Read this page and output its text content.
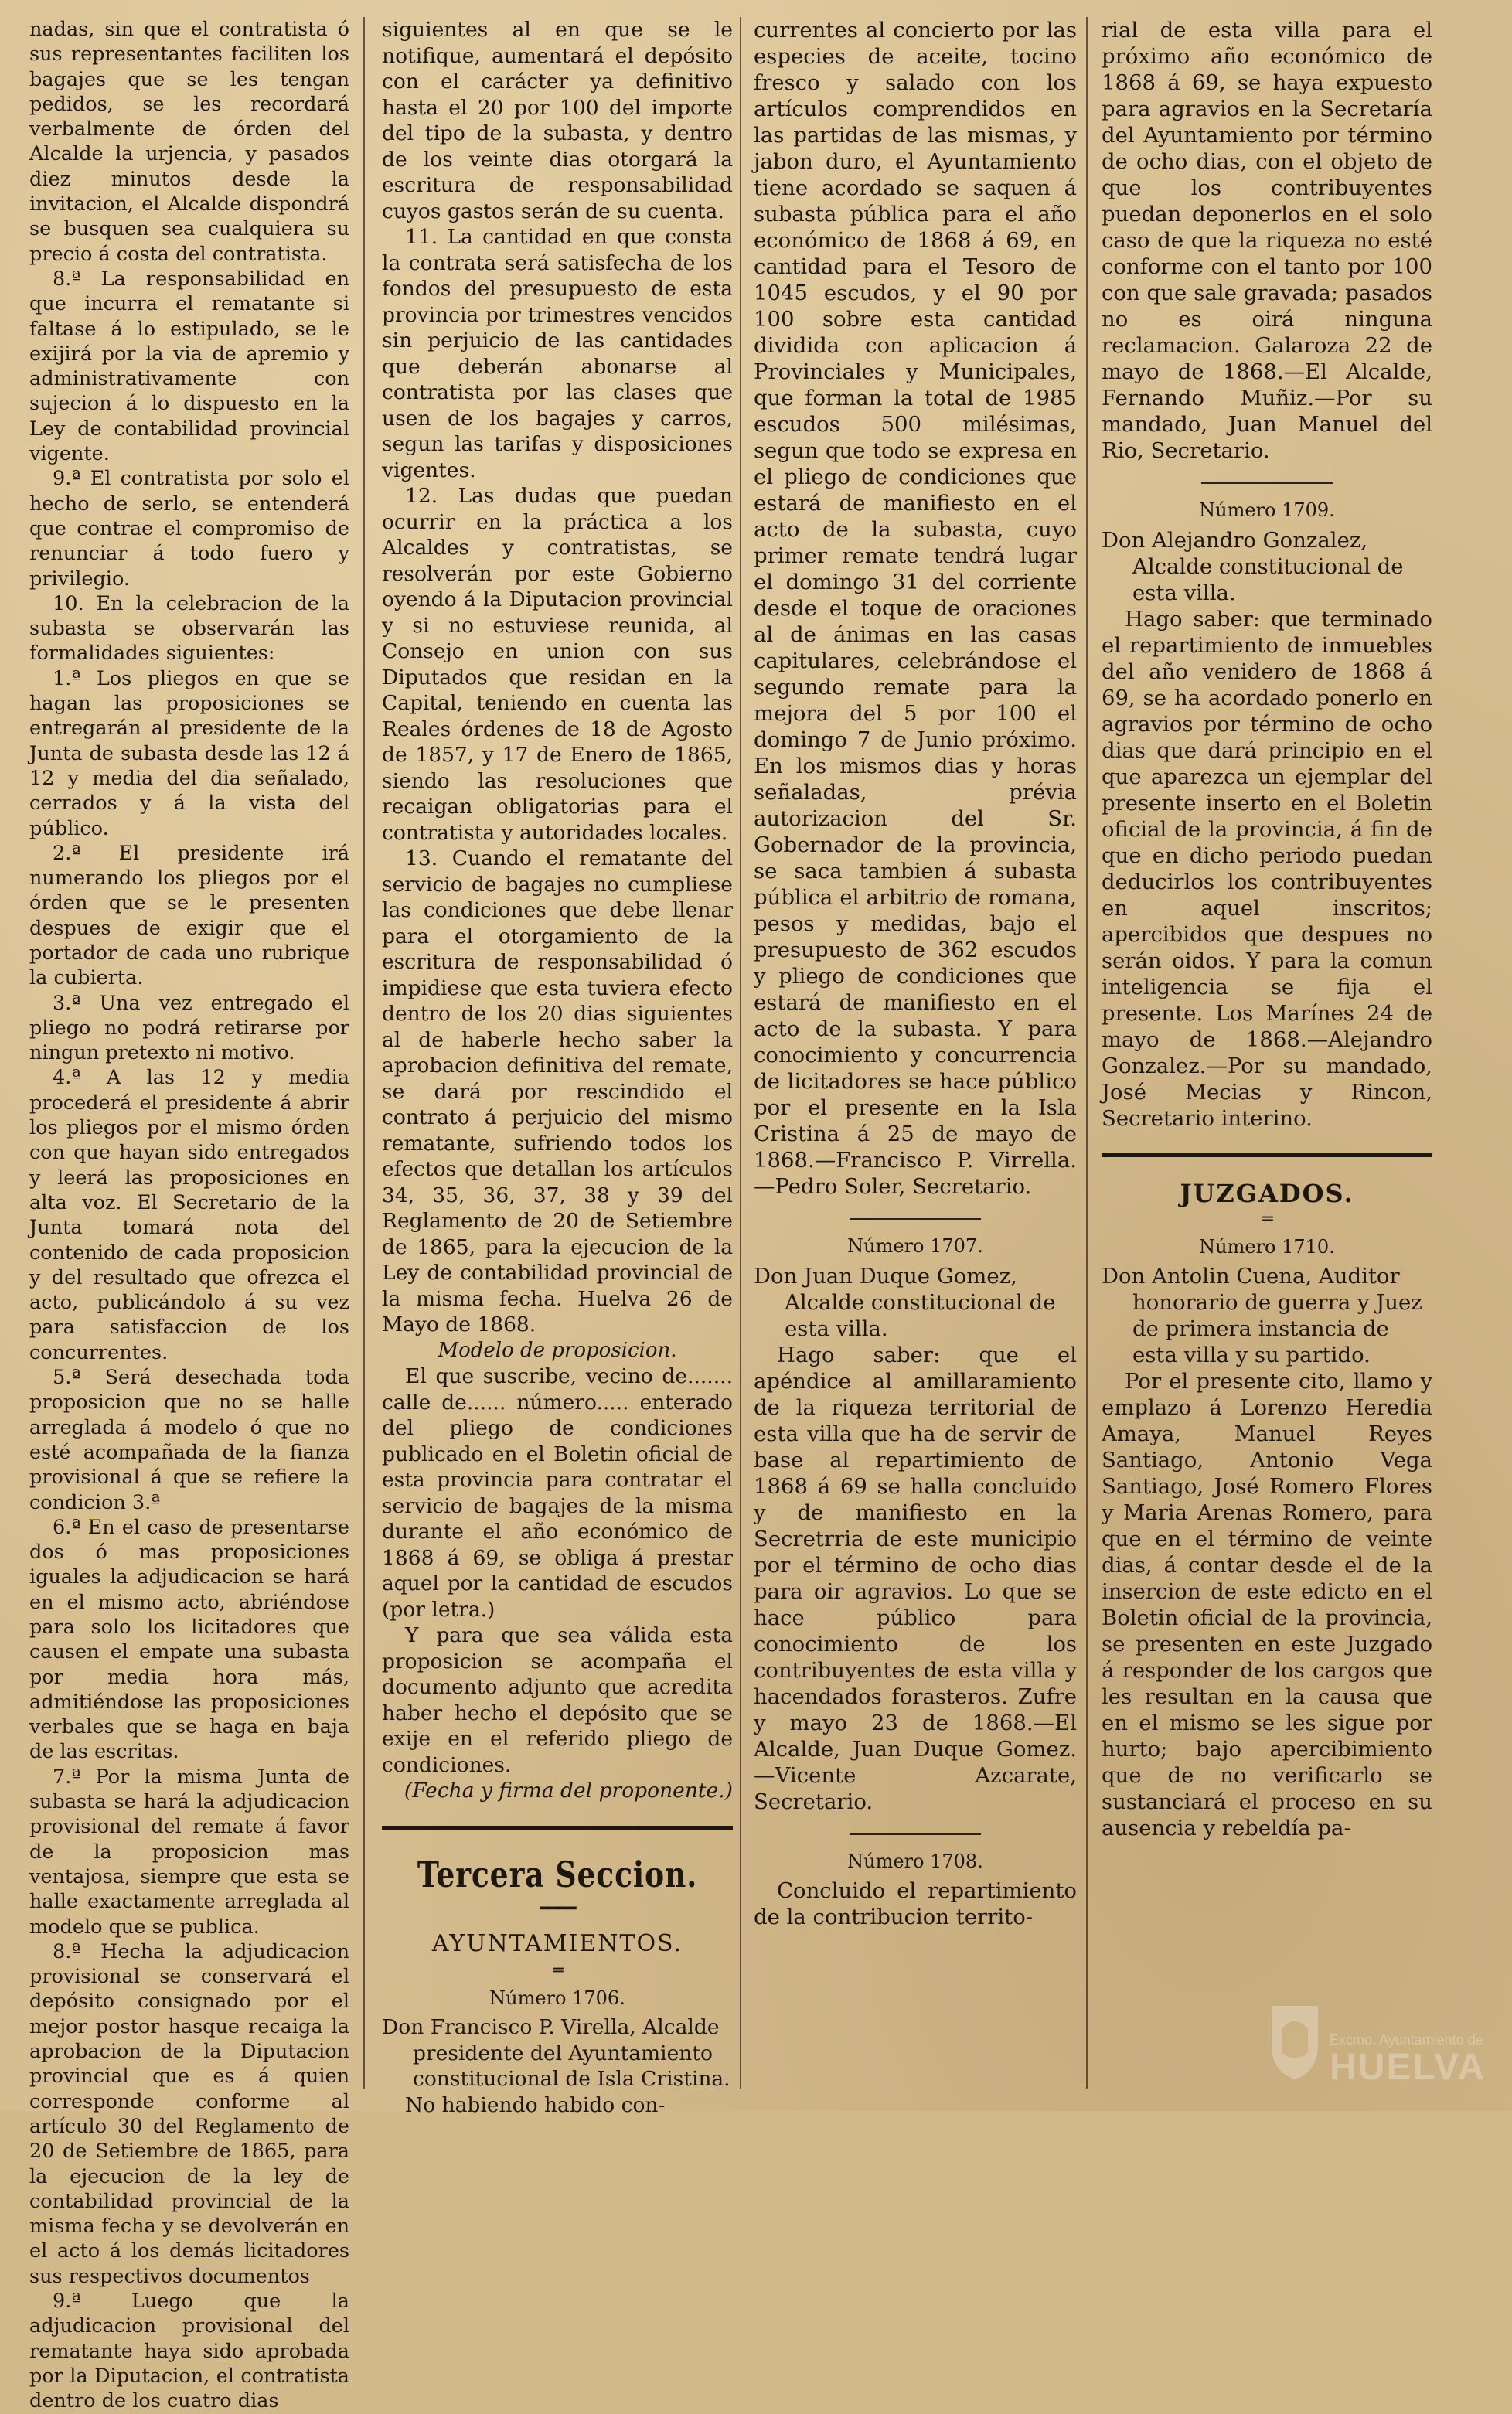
nadas, sin que el contratista ó sus representantes faciliten los bagajes que se les tengan pedidos, se les recordará verbalmente de órden del Alcalde la urjencia, y pasados diez minutos desde la invitacion, el Alcalde dispondrá se busquen sea cualquiera su precio á costa del contratista.

8.ª La responsabilidad en que incurra el rematante si faltase á lo estipulado, se le exijirá por la via de apremio y administrativamente con sujecion á lo dispuesto en la Ley de contabilidad provincial vigente.

9.ª El contratista por solo el hecho de serlo, se entenderá que contrae el compromiso de renunciar á todo fuero y privilegio.

10. En la celebracion de la subasta se observarán las formalidades siguientes:

1.ª Los pliegos en que se hagan las proposiciones se entregarán al presidente de la Junta de subasta desde las 12 á 12 y media del dia señalado, cerrados y á la vista del público.

2.ª El presidente irá numerando los pliegos por el órden que se le presenten despues de exigir que el portador de cada uno rubrique la cubierta.

3.ª Una vez entregado el pliego no podrá retirarse por ningun pretexto ni motivo.

4.ª A las 12 y media procederá el presidente á abrir los pliegos por el mismo órden con que hayan sido entregados y leerá las proposiciones en alta voz. El Secretario de la Junta tomará nota del contenido de cada proposicion y del resultado que ofrezca el acto, publicándolo á su vez para satisfaccion de los concurrentes.

5.ª Será desechada toda proposicion que no se halle arreglada á modelo ó que no esté acompañada de la fianza provisional á que se refiere la condicion 3.ª

6.ª En el caso de presentarse dos ó mas proposiciones iguales la adjudicacion se hará en el mismo acto, abriéndose para solo los licitadores que causen el empate una subasta por media hora más, admitiéndose las proposiciones verbales que se haga en baja de las escritas.

7.ª Por la misma Junta de subasta se hará la adjudicacion provisional del remate á favor de la proposicion mas ventajosa, siempre que esta se halle exactamente arreglada al modelo que se publica.

8.ª Hecha la adjudicacion provisional se conservará el depósito consignado por el mejor postor hasque recaiga la aprobacion de la Diputacion provincial que es á quien corresponde conforme al artículo 30 del Reglamento de 20 de Setiembre de 1865, para la ejecucion de la ley de contabilidad provincial de la misma fecha y se devolverán en el acto á los demás licitadores sus respectivos documentos

9.ª Luego que la adjudicacion provisional del rematante haya sido aprobada por la Diputacion, el contratista dentro de los cuatro dias

siguientes al en que se le notifique, aumentará el depósito con el carácter ya definitivo hasta el 20 por 100 del importe del tipo de la subasta, y dentro de los veinte dias otorgará la escritura de responsabilidad cuyos gastos serán de su cuenta.

11. La cantidad en que consta la contrata será satisfecha de los fondos del presupuesto de esta provincia por trimestres vencidos sin perjuicio de las cantidades que deberán abonarse al contratista por las clases que usen de los bagajes y carros, segun las tarifas y disposiciones vigentes.

12. Las dudas que puedan ocurrir en la práctica a los Alcaldes y contratistas, se resolverán por este Gobierno oyendo á la Diputacion provincial y si no estuviese reunida, al Consejo en union con sus Diputados que residan en la Capital, teniendo en cuenta las Reales órdenes de 18 de Agosto de 1857, y 17 de Enero de 1865, siendo las resoluciones que recaigan obligatorias para el contratista y autoridades locales.

13. Cuando el rematante del servicio de bagajes no cumpliese las condiciones que debe llenar para el otorgamiento de la escritura de responsabilidad ó impidiese que esta tuviera efecto dentro de los 20 dias siguientes al de haberle hecho saber la aprobacion definitiva del remate, se dará por rescindido el contrato á perjuicio del mismo rematante, sufriendo todos los efectos que detallan los artículos 34, 35, 36, 37, 38 y 39 del Reglamento de 20 de Setiembre de 1865, para la ejecucion de la Ley de contabilidad provincial de la misma fecha. Huelva 26 de Mayo de 1868.

Modelo de proposicion.

El que suscribe, vecino de....... calle de...... número..... enterado del pliego de condiciones publicado en el Boletin oficial de esta provincia para contratar el servicio de bagajes de la misma durante el año económico de 1868 á 69, se obliga á prestar aquel por la cantidad de escudos (por letra.)

Y para que sea válida esta proposicion se acompaña el documento adjunto que acredita haber hecho el depósito que se exije en el referido pliego de condiciones.

(Fecha y firma del proponente.)

Tercera Seccion.
━━━━
AYUNTAMIENTOS.
═

Número 1706.

Don Francisco P. Virella, Alcalde presidente del Ayuntamiento constitucional de Isla Cristina.

No habiendo habido con-

currentes al concierto por las especies de aceite, tocino fresco y salado con los artículos comprendidos en las partidas de las mismas, y jabon duro, el Ayuntamiento tiene acordado se saquen á subasta pública para el año económico de 1868 á 69, en cantidad para el Tesoro de 1045 escudos, y el 90 por 100 sobre esta cantidad dividida con aplicacion á Provinciales y Municipales, que forman la total de 1985 escudos 500 milésimas, segun que todo se expresa en el pliego de condiciones que estará de manifiesto en el acto de la subasta, cuyo primer remate tendrá lugar el domingo 31 del corriente desde el toque de oraciones al de ánimas en las casas capitulares, celebrándose el segundo remate para la mejora del 5 por 100 el domingo 7 de Junio próximo. En los mismos dias y horas señaladas, prévia autorizacion del Sr. Gobernador de la provincia, se saca tambien á subasta pública el arbitrio de romana, pesos y medidas, bajo el presupuesto de 362 escudos y pliego de condiciones que estará de manifiesto en el acto de la subasta. Y para conocimiento y concurrencia de licitadores se hace público por el presente en la Isla Cristina á 25 de mayo de 1868.—Francisco P. Virrella.—Pedro Soler, Secretario.

Número 1707.

Don Juan Duque Gomez, Alcalde constitucional de esta villa.

Hago saber: que el apéndice al amillaramiento de la riqueza territorial de esta villa que ha de servir de base al repartimiento de 1868 á 69 se halla concluido y de manifiesto en la Secretrria de este municipio por el término de ocho dias para oir agravios. Lo que se hace público para conocimiento de los contribuyentes de esta villa y hacendados forasteros. Zufre y mayo 23 de 1868.—El Alcalde, Juan Duque Gomez.—Vicente Azcarate, Secretario.

Número 1708.

Concluido el repartimiento de la contribucion territo-

rial de esta villa para el próximo año económico de 1868 á 69, se haya expuesto para agravios en la Secretaría del Ayuntamiento por término de ocho dias, con el objeto de que los contribuyentes puedan deponerlos en el solo caso de que la riqueza no esté conforme con el tanto por 100 con que sale gravada; pasados no es oirá ninguna reclamacion. Galaroza 22 de mayo de 1868.—El Alcalde, Fernando Muñiz.—Por su mandado, Juan Manuel del Rio, Secretario.

Número 1709.

Don Alejandro Gonzalez, Alcalde constitucional de esta villa.

Hago saber: que terminado el repartimiento de inmuebles del año venidero de 1868 á 69, se ha acordado ponerlo en agravios por término de ocho dias que dará principio en el que aparezca un ejemplar del presente inserto en el Boletin oficial de la provincia, á fin de que en dicho periodo puedan deducirlos los contribuyentes en aquel inscritos; apercibidos que despues no serán oidos. Y para la comun inteligencia se fija el presente. Los Marínes 24 de mayo de 1868.—Alejandro Gonzalez.—Por su mandado, José Mecias y Rincon, Secretario interino.

JUZGADOS.
═

Número 1710.

Don Antolin Cuena, Auditor honorario de guerra y Juez de primera instancia de esta villa y su partido.

Por el presente cito, llamo y emplazo á Lorenzo Heredia Amaya, Manuel Reyes Santiago, Antonio Vega Santiago, José Romero Flores y Maria Arenas Romero, para que en el término de veinte dias, á contar desde el de la insercion de este edicto en el Boletin oficial de la provincia, se presenten en este Juzgado á responder de los cargos que les resultan en la causa que en el mismo se les sigue por hurto; bajo apercibimiento que de no verificarlo se sustanciará el proceso en su ausencia y rebeldía pa-

Excmo. Ayuntamiento de
HUELVA
